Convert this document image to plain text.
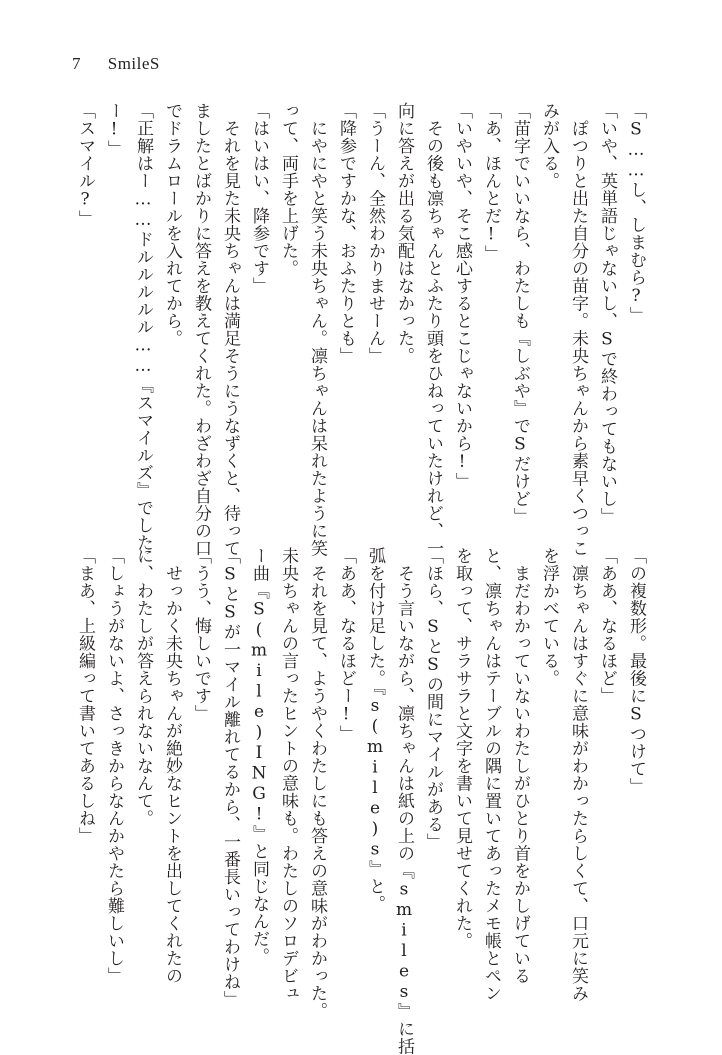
7 SmileS
「S……し、しまむら?」
「いや、英単語じゃないし、Sで終わってもないし」
　ぽつりと出た自分の苗字。未央ちゃんから素早くつっこ
みが入る。
「苗字でいいなら、わたしも『しぶや』でSだけど」
「あ、ほんとだ!」
「いやいや、そこ感心するとこじゃないから!」
　その後も凛ちゃんとふたり頭をひねっていたけれど、一
向に答えが出る気配はなかった。
「うーん、全然わかりませーん」
「降参ですかな、おふたりとも」
　にやにやと笑う未央ちゃん。凛ちゃんは呆れたように笑
って、両手を上げた。
「はいはい、降参です」
　それを見た未央ちゃんは満足そうにうなずくと、待って
ましたとばかりに答えを教えてくれた。わざわざ自分の口
でドラムロールを入れてから。
「正解はー……ドルルルルル……『スマイルズ』でした
ー!」
「スマイル?」
「の複数形。最後にSつけて」
「ああ、なるほど」
　凛ちゃんはすぐに意味がわかったらしくて、口元に笑み
を浮かべている。
　まだわかっていないわたしがひとり首をかしげている
と、凛ちゃんはテーブルの隅に置いてあったメモ帳とペン
を取って、サラサラと文字を書いて見せてくれた。
「ほら、SとSの間にマイルがある」
　そう言いながら、凛ちゃんは紙の上の『smiles』に括
弧を付け足した。『s(mile)s』と。
「ああ、なるほどー!」
　それを見て、ようやくわたしにも答えの意味がわかった。
未央ちゃんの言ったヒントの意味も。わたしのソロデビュ
ー曲『S(mile)ING!』と同じなんだ。
「SとSが一マイル離れてるから、一番長いってわけね」
「うう、悔しいです」
　せっかく未央ちゃんが絶妙なヒントを出してくれたの
に、わたしが答えられないなんて。
「しょうがないよ、さっきからなんかやたら難しいし」
「まあ、上級編って書いてあるしね」
